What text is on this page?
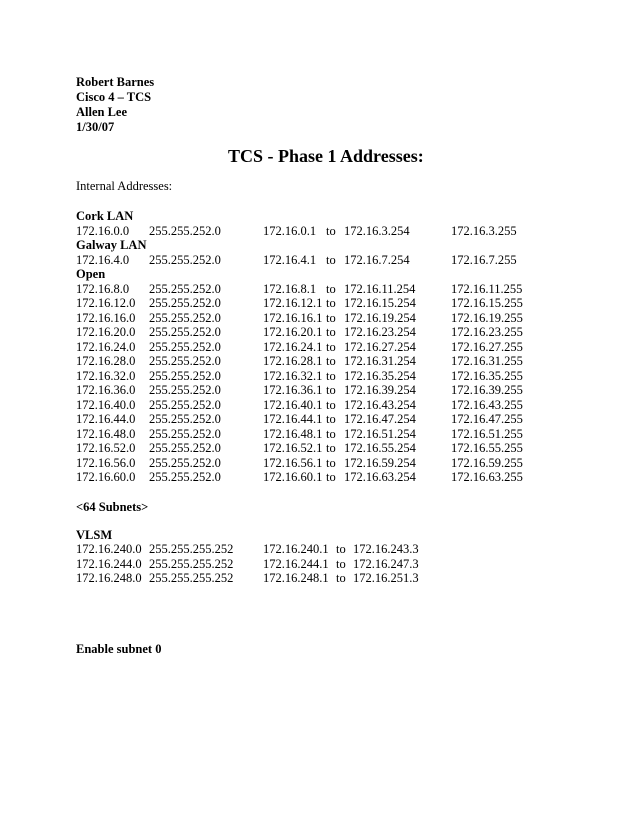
Robert Barnes
Cisco 4 – TCS
Allen Lee
1/30/07
TCS - Phase 1 Addresses:
Internal Addresses:
Cork LAN
172.16.0.0 255.255.252.0	172.16.0.1 to 172.16.3.254	172.16.3.255
Galway LAN
172.16.4.0 255.255.252.0	172.16.4.1 to 172.16.7.254	172.16.7.255
Open
172.16.8.0 255.255.252.0	172.16.8.1 to 172.16.11.254	172.16.11.255
172.16.12.0 255.255.252.0	172.16.12.1 to 172.16.15.254	172.16.15.255
172.16.16.0 255.255.252.0	172.16.16.1 to 172.16.19.254	172.16.19.255
172.16.20.0 255.255.252.0	172.16.20.1 to 172.16.23.254	172.16.23.255
172.16.24.0 255.255.252.0	172.16.24.1 to 172.16.27.254	172.16.27.255
172.16.28.0 255.255.252.0	172.16.28.1 to 172.16.31.254	172.16.31.255
172.16.32.0 255.255.252.0	172.16.32.1 to 172.16.35.254	172.16.35.255
172.16.36.0 255.255.252.0	172.16.36.1 to 172.16.39.254	172.16.39.255
172.16.40.0 255.255.252.0	172.16.40.1 to 172.16.43.254	172.16.43.255
172.16.44.0 255.255.252.0	172.16.44.1 to 172.16.47.254	172.16.47.255
172.16.48.0 255.255.252.0	172.16.48.1 to 172.16.51.254	172.16.51.255
172.16.52.0 255.255.252.0	172.16.52.1 to 172.16.55.254	172.16.55.255
172.16.56.0 255.255.252.0	172.16.56.1 to 172.16.59.254	172.16.59.255
172.16.60.0 255.255.252.0	172.16.60.1 to 172.16.63.254	172.16.63.255
<64 Subnets>
VLSM
172.16.240.0 255.255.255.252 172.16.240.1 to 172.16.243.3
172.16.244.0 255.255.255.252 172.16.244.1 to 172.16.247.3
172.16.248.0 255.255.255.252 172.16.248.1 to 172.16.251.3
Enable subnet 0
